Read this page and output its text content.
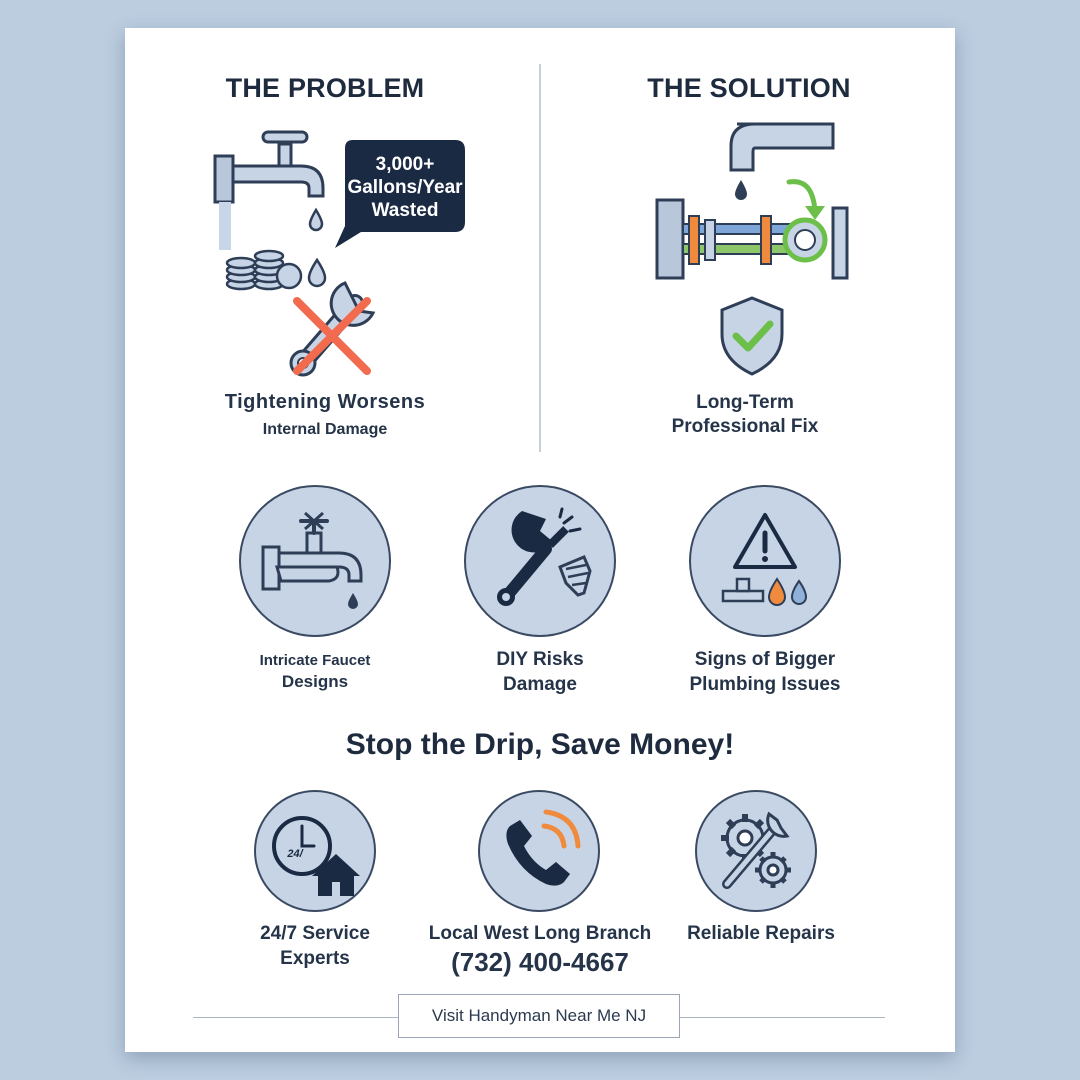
THE PROBLEM
3,000+
Gallons/Year
Wasted
Tightening Worsens
Internal Damage
THE SOLUTION
Long-Term
Professional Fix
Intricate Faucet
Designs
DIY Risks
Damage
Signs of Bigger
Plumbing Issues
Stop the Drip, Save Money!
24/
24/7 Service
Experts
Local West Long Branch
(732) 400-4667
Reliable Repairs
Visit Handyman Near Me NJ
